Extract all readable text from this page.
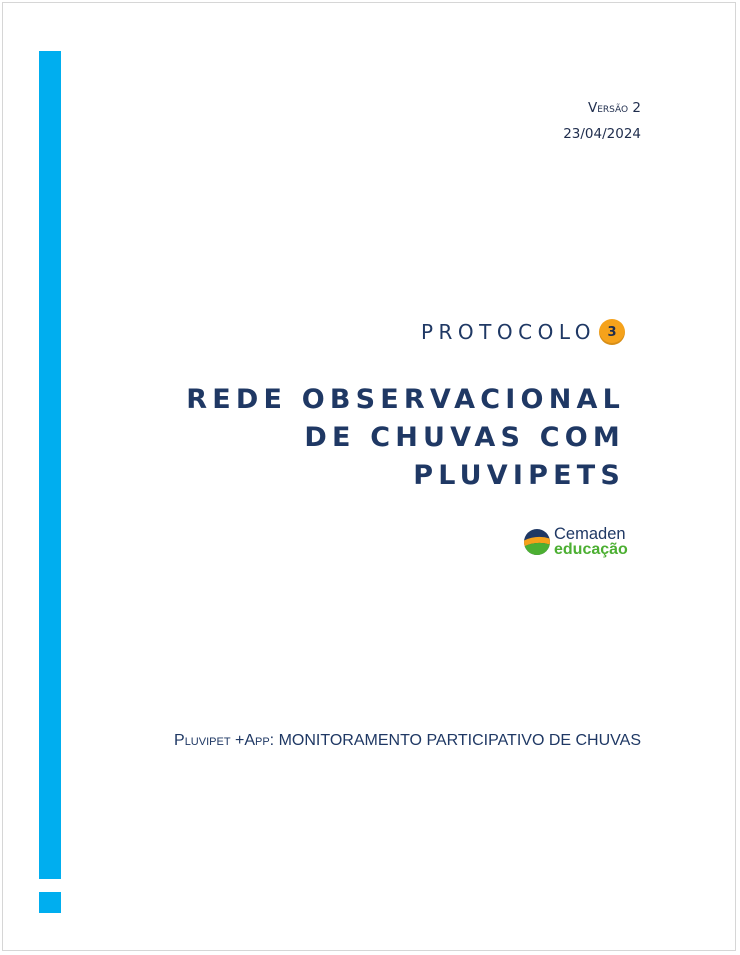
Versão 2
23/04/2024
PROTOCOLO 3
REDE OBSERVACIONAL
DE CHUVAS COM
PLUVIPETS
Cemaden
educação
Pluvipet +App: MONITORAMENTO PARTICIPATIVO DE CHUVAS
